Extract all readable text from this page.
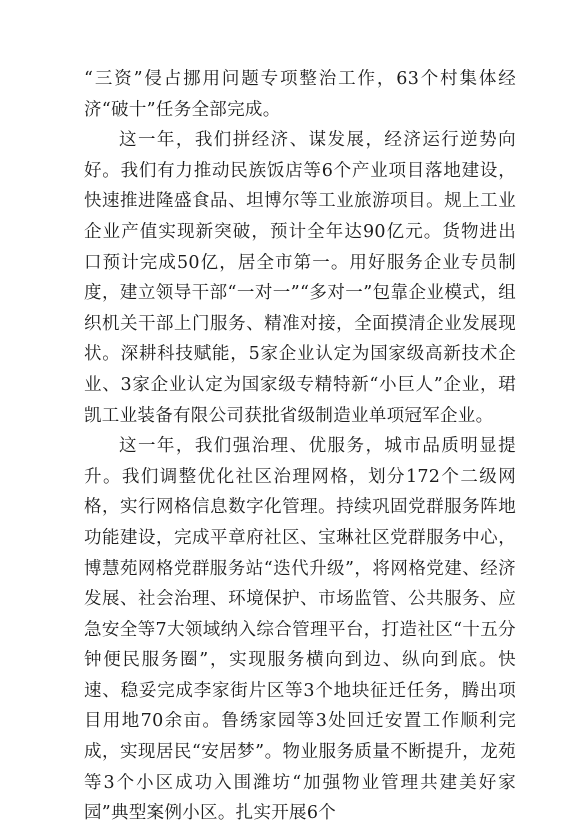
“三资”侵占挪用问题专项整治工作，63个村集体经济“破十”任务全部完成。

这一年，我们拼经济、谋发展，经济运行逆势向好。我们有力推动民族饭店等6个产业项目落地建设，快速推进隆盛食品、坦博尔等工业旅游项目。规上工业企业产值实现新突破，预计全年达90亿元。货物进出口预计完成50亿，居全市第一。用好服务企业专员制度，建立领导干部“一对一”“多对一”包靠企业模式，组织机关干部上门服务、精准对接，全面摸清企业发展现状。深耕科技赋能，5家企业认定为国家级高新技术企业、3家企业认定为国家级专精特新“小巨人”企业，珺凯工业装备有限公司获批省级制造业单项冠军企业。

这一年，我们强治理、优服务，城市品质明显提升。我们调整优化社区治理网格，划分172个二级网格，实行网格信息数字化管理。持续巩固党群服务阵地功能建设，完成平章府社区、宝琳社区党群服务中心，博慧苑网格党群服务站“迭代升级”，将网格党建、经济发展、社会治理、环境保护、市场监管、公共服务、应急安全等7大领域纳入综合管理平台，打造社区“十五分钟便民服务圈”，实现服务横向到边、纵向到底。快速、稳妥完成李家街片区等3个地块征迁任务，腾出项目用地70余亩。鲁绣家园等3处回迁安置工作顺利完成，实现居民“安居梦”。物业服务质量不断提升，龙苑等3个小区成功入围潍坊“加强物业管理共建美好家园”典型案例小区。扎实开展6个
